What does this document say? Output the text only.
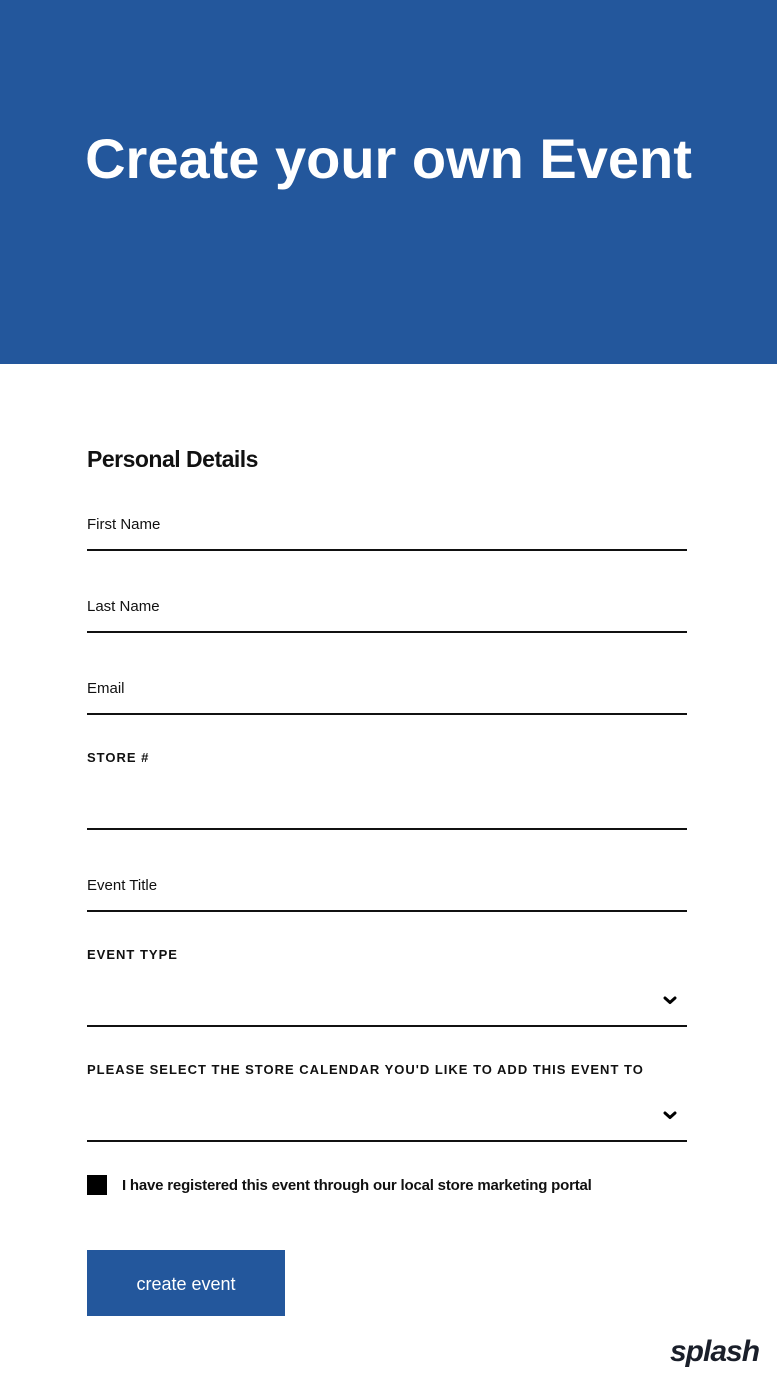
Create your own Event
Personal Details
First Name
Last Name
Email
STORE #
Event Title
EVENT TYPE
PLEASE SELECT THE STORE CALENDAR YOU'D LIKE TO ADD THIS EVENT TO
I have registered this event through our local store marketing portal
create event
splash
